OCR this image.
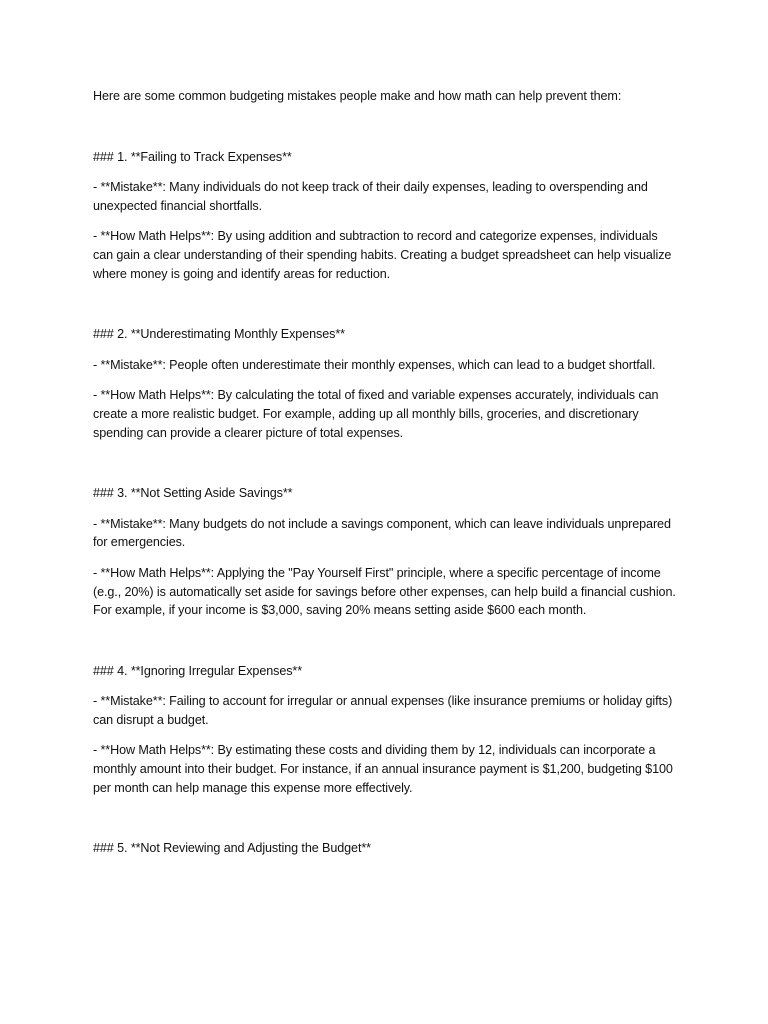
Here are some common budgeting mistakes people make and how math can help prevent them:

### 1. **Failing to Track Expenses**

- **Mistake**: Many individuals do not keep track of their daily expenses, leading to overspending and unexpected financial shortfalls.

- **How Math Helps**: By using addition and subtraction to record and categorize expenses, individuals can gain a clear understanding of their spending habits. Creating a budget spreadsheet can help visualize where money is going and identify areas for reduction.

### 2. **Underestimating Monthly Expenses**

- **Mistake**: People often underestimate their monthly expenses, which can lead to a budget shortfall.

- **How Math Helps**: By calculating the total of fixed and variable expenses accurately, individuals can create a more realistic budget. For example, adding up all monthly bills, groceries, and discretionary spending can provide a clearer picture of total expenses.

### 3. **Not Setting Aside Savings**

- **Mistake**: Many budgets do not include a savings component, which can leave individuals unprepared for emergencies.

- **How Math Helps**: Applying the "Pay Yourself First" principle, where a specific percentage of income (e.g., 20%) is automatically set aside for savings before other expenses, can help build a financial cushion. For example, if your income is $3,000, saving 20% means setting aside $600 each month.

### 4. **Ignoring Irregular Expenses**

- **Mistake**: Failing to account for irregular or annual expenses (like insurance premiums or holiday gifts) can disrupt a budget.

- **How Math Helps**: By estimating these costs and dividing them by 12, individuals can incorporate a monthly amount into their budget. For instance, if an annual insurance payment is $1,200, budgeting $100 per month can help manage this expense more effectively.

### 5. **Not Reviewing and Adjusting the Budget**
